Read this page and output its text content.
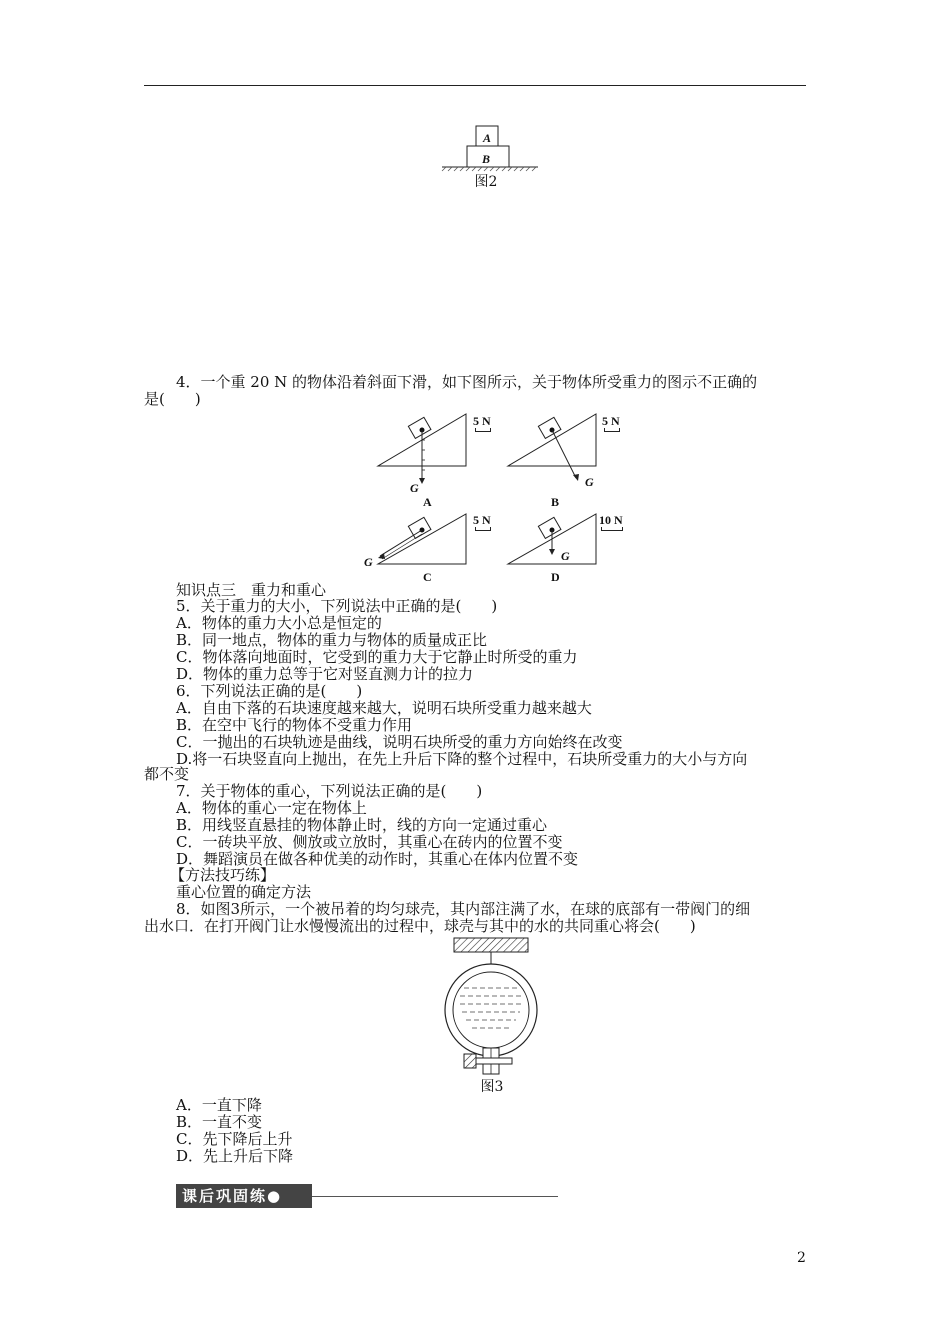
A
B
图2
4．一个重 20 N 的物体沿着斜面下滑，如下图所示，关于物体所受重力的图示不正确的
是(　　)
G
5 N
A
G
5 N
B
G
5 N
C
G
10 N
D
知识点三　重力和重心
5．关于重力的大小，下列说法中正确的是(　　)
A．物体的重力大小总是恒定的
B．同一地点，物体的重力与物体的质量成正比
C．物体落向地面时，它受到的重力大于它静止时所受的重力
D．物体的重力总等于它对竖直测力计的拉力
6．下列说法正确的是(　　)
A．自由下落的石块速度越来越大，说明石块所受重力越来越大
B．在空中飞行的物体不受重力作用
C．一抛出的石块轨迹是曲线，说明石块所受的重力方向始终在改变
D.将一石块竖直向上抛出，在先上升后下降的整个过程中，石块所受重力的大小与方向
都不变
7．关于物体的重心，下列说法正确的是(　　)
A．物体的重心一定在物体上
B．用线竖直悬挂的物体静止时，线的方向一定通过重心
C．一砖块平放、侧放或立放时，其重心在砖内的位置不变
D．舞蹈演员在做各种优美的动作时，其重心在体内位置不变
【方法技巧练】
重心位置的确定方法
8．如图3所示，一个被吊着的均匀球壳，其内部注满了水，在球的底部有一带阀门的细
出水口．在打开阀门让水慢慢流出的过程中，球壳与其中的水的共同重心将会(　　)
图3
A．一直下降
B．一直不变
C．先下降后上升
D．先上升后下降
课后巩固练●
2
